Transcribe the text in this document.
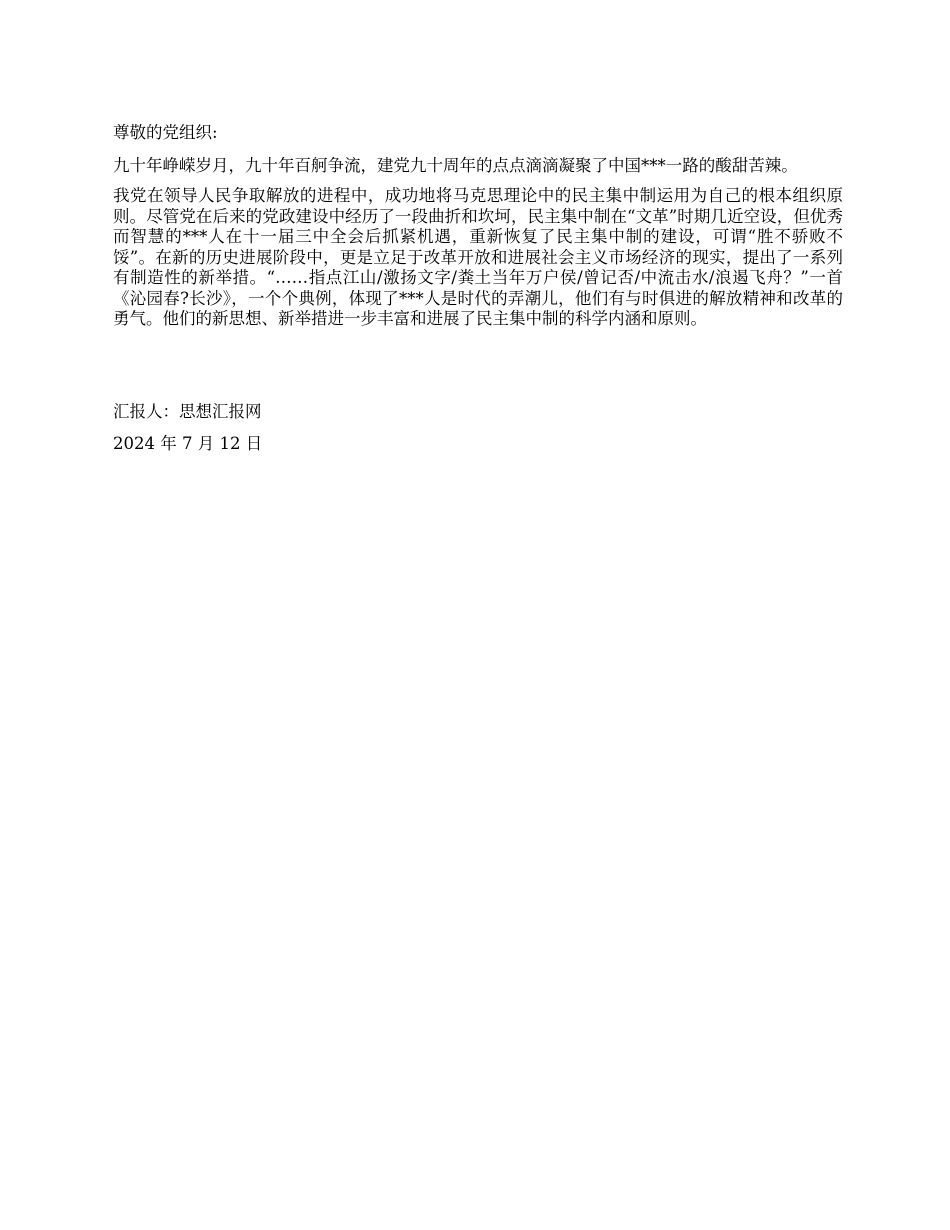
尊敬的党组织:

九十年峥嵘岁月，九十年百舸争流，建党九十周年的点点滴滴凝聚了中国***一路的酸甜苦辣。

我党在领导人民争取解放的进程中，成功地将马克思理论中的民主集中制运用为自己的根本组织原则。尽管党在后来的党政建设中经历了一段曲折和坎坷，民主集中制在“文革”时期几近空设，但优秀而智慧的***人在十一届三中全会后抓紧机遇，重新恢复了民主集中制的建设，可谓“胜不骄败不馁”。在新的历史进展阶段中，更是立足于改革开放和进展社会主义市场经济的现实，提出了一系列有制造性的新举措。“……指点江山/激扬文字/粪土当年万户侯/曾记否/中流击水/浪遏飞舟？”一首《沁园春?长沙》，一个个典例，体现了***人是时代的弄潮儿，他们有与时俱进的解放精神和改革的勇气。他们的新思想、新举措进一步丰富和进展了民主集中制的科学内涵和原则。

汇报人：思想汇报网

2024 年 7 月 12 日
